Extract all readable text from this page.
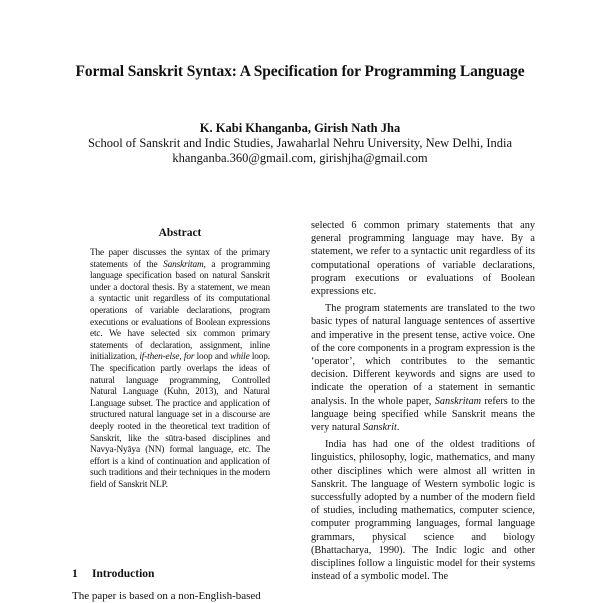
Formal Sanskrit Syntax: A Specification for Programming Language
K. Kabi Khanganba, Girish Nath Jha
School of Sanskrit and Indic Studies, Jawaharlal Nehru University, New Delhi, India
khanganba.360@gmail.com, girishjha@gmail.com
Abstract
The paper discusses the syntax of the primary statements of the Sanskritam, a programming language specification based on natural Sanskrit under a doctoral thesis. By a statement, we mean a syntactic unit regardless of its computational operations of variable declarations, program executions or evaluations of Boolean expressions etc. We have selected six common primary statements of declaration, assignment, inline initialization, if-then-else, for loop and while loop. The specification partly overlaps the ideas of natural language programming, Controlled Natural Language (Kuhn, 2013), and Natural Language subset. The practice and application of structured natural language set in a discourse are deeply rooted in the theoretical text tradition of Sanskrit, like the sūtra-based disciplines and Navya-Nyāya (NN) formal language, etc. The effort is a kind of continuation and application of such traditions and their techniques in the modern field of Sanskrit NLP.
1 Introduction
The paper is based on a non-English-based

selected 6 common primary statements that any general programming language may have. By a statement, we refer to a syntactic unit regardless of its computational operations of variable declarations, program executions or evaluations of Boolean expressions etc.

The program statements are translated to the two basic types of natural language sentences of assertive and imperative in the present tense, active voice. One of the core components in a program expression is the ‘operator’, which contributes to the semantic decision. Different keywords and signs are used to indicate the operation of a statement in semantic analysis. In the whole paper, Sanskritam refers to the language being specified while Sanskrit means the very natural Sanskrit.

India has had one of the oldest traditions of linguistics, philosophy, logic, mathematics, and many other disciplines which were almost all written in Sanskrit. The language of Western symbolic logic is successfully adopted by a number of the modern field of studies, including mathematics, computer science, computer programming languages, formal language grammars, physical science and biology (Bhattacharya, 1990). The Indic logic and other disciplines follow a linguistic model for their systems instead of a symbolic model. The
